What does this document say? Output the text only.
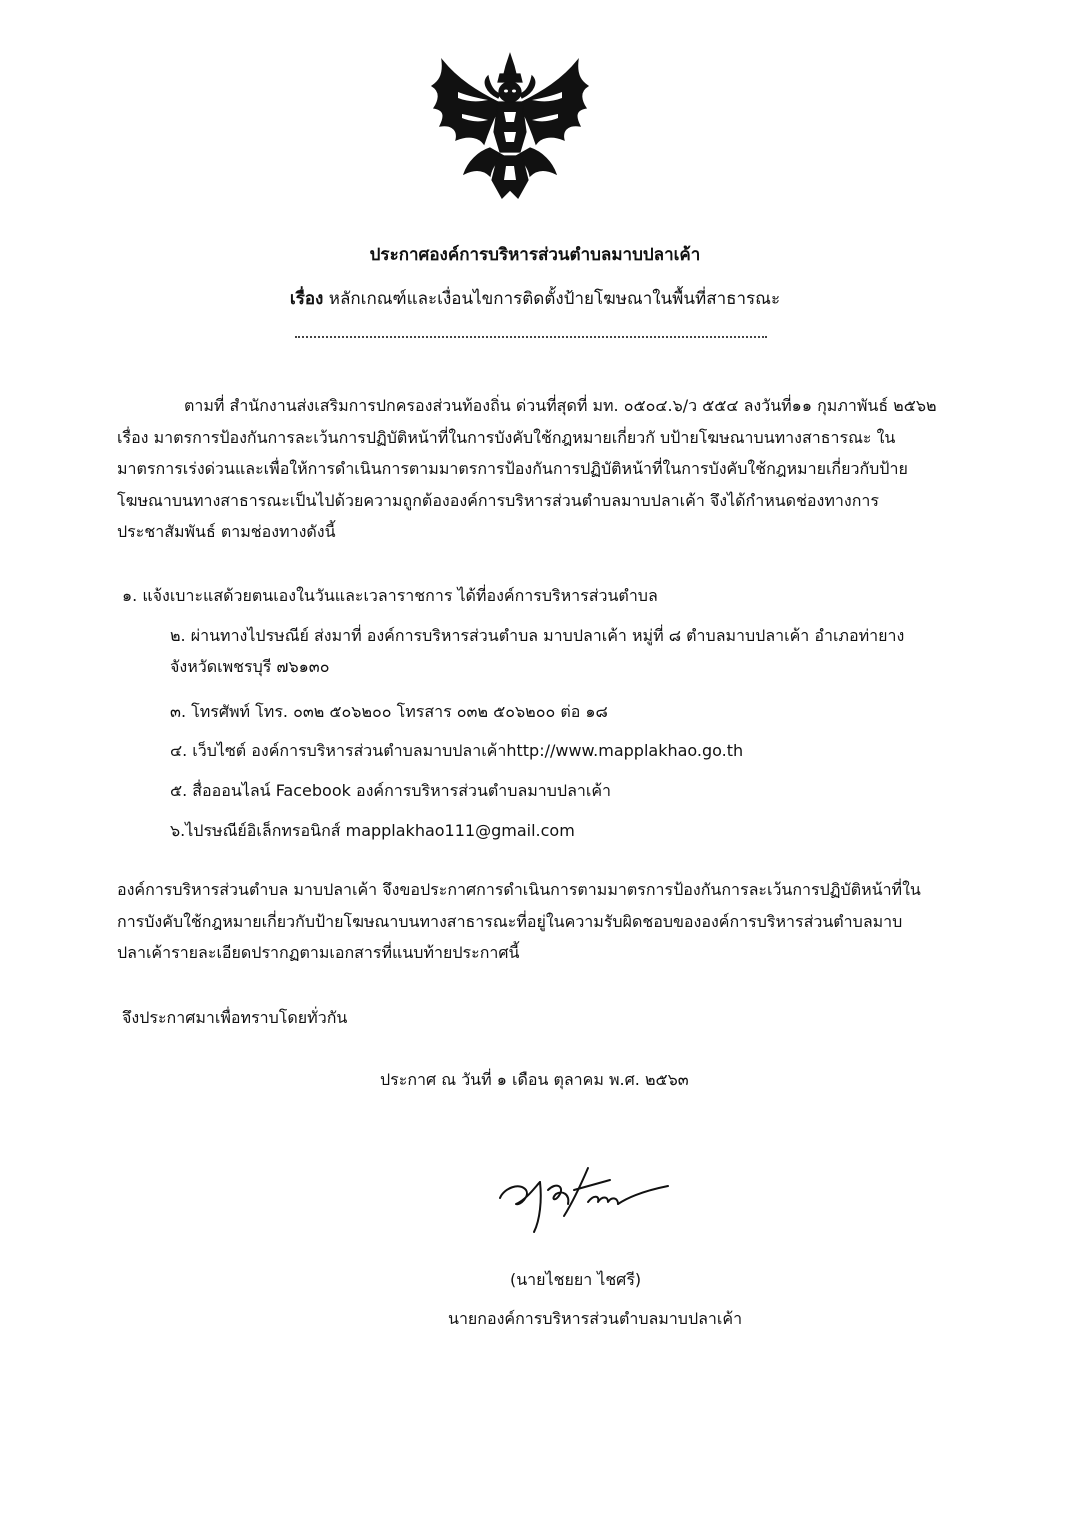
ประกาศองค์การบริหารส่วนตำบลมาบปลาเค้า
เรื่อง หลักเกณฑ์และเงื่อนไขการติดตั้งป้ายโฆษณาในพื้นที่สาธารณะ

ตามที่ สำนักงานส่งเสริมการปกครองส่วนท้องถิ่น ด่วนที่สุดที่ มท. ๐๕๐๔.๖/ว ๕๕๔ ลงวันที่๑๑ กุมภาพันธ์ ๒๕๖๒ เรื่อง มาตรการป้องกันการละเว้นการปฏิบัติหน้าที่ในการบังคับใช้กฎหมายเกี่ยวกั บป้ายโฆษณาบนทางสาธารณะ ในมาตรการเร่งด่วนและเพื่อให้การดำเนินการตามมาตรการป้องกันการปฏิบัติหน้าที่ในการบังคับใช้กฎหมายเกี่ยวกับป้ายโฆษณาบนทางสาธารณะเป็นไปด้วยความถูกต้ององค์การบริหารส่วนตำบลมาบปลาเค้า จึงได้กำหนดช่องทางการประชาสัมพันธ์ ตามช่องทางดังนี้

๑. แจ้งเบาะแสด้วยตนเองในวันและเวลาราชการ ได้ที่องค์การบริหารส่วนตำบล

๒. ผ่านทางไปรษณีย์ ส่งมาที่ องค์การบริหารส่วนตำบล มาบปลาเค้า หมู่ที่ ๘ ตำบลมาบปลาเค้า อำเภอท่ายาง จังหวัดเพชรบุรี ๗๖๑๓๐

๓. โทรศัพท์ โทร. ๐๓๒ ๕๐๖๒๐๐ โทรสาร ๐๓๒ ๕๐๖๒๐๐ ต่อ ๑๘

๔. เว็บไซต์ องค์การบริหารส่วนตำบลมาบปลาเค้าhttp://www.mapplakhao.go.th

๕. สื่อออนไลน์ Facebook องค์การบริหารส่วนตำบลมาบปลาเค้า

๖.ไปรษณีย์อิเล็กทรอนิกส์ mapplakhao111@gmail.com

องค์การบริหารส่วนตำบล มาบปลาเค้า จึงขอประกาศการดำเนินการตามมาตรการป้องกันการละเว้นการปฏิบัติหน้าที่ในการบังคับใช้กฎหมายเกี่ยวกับป้ายโฆษณาบนทางสาธารณะที่อยู่ในความรับผิดชอบขององค์การบริหารส่วนตำบลมาบปลาเค้ารายละเอียดปรากฏตามเอกสารที่แนบท้ายประกาศนี้

จึงประกาศมาเพื่อทราบโดยทั่วกัน

ประกาศ ณ วันที่ ๑ เดือน ตุลาคม พ.ศ. ๒๕๖๓

(นายไชยยา ไชศรี)

นายกองค์การบริหารส่วนตำบลมาบปลาเค้า
